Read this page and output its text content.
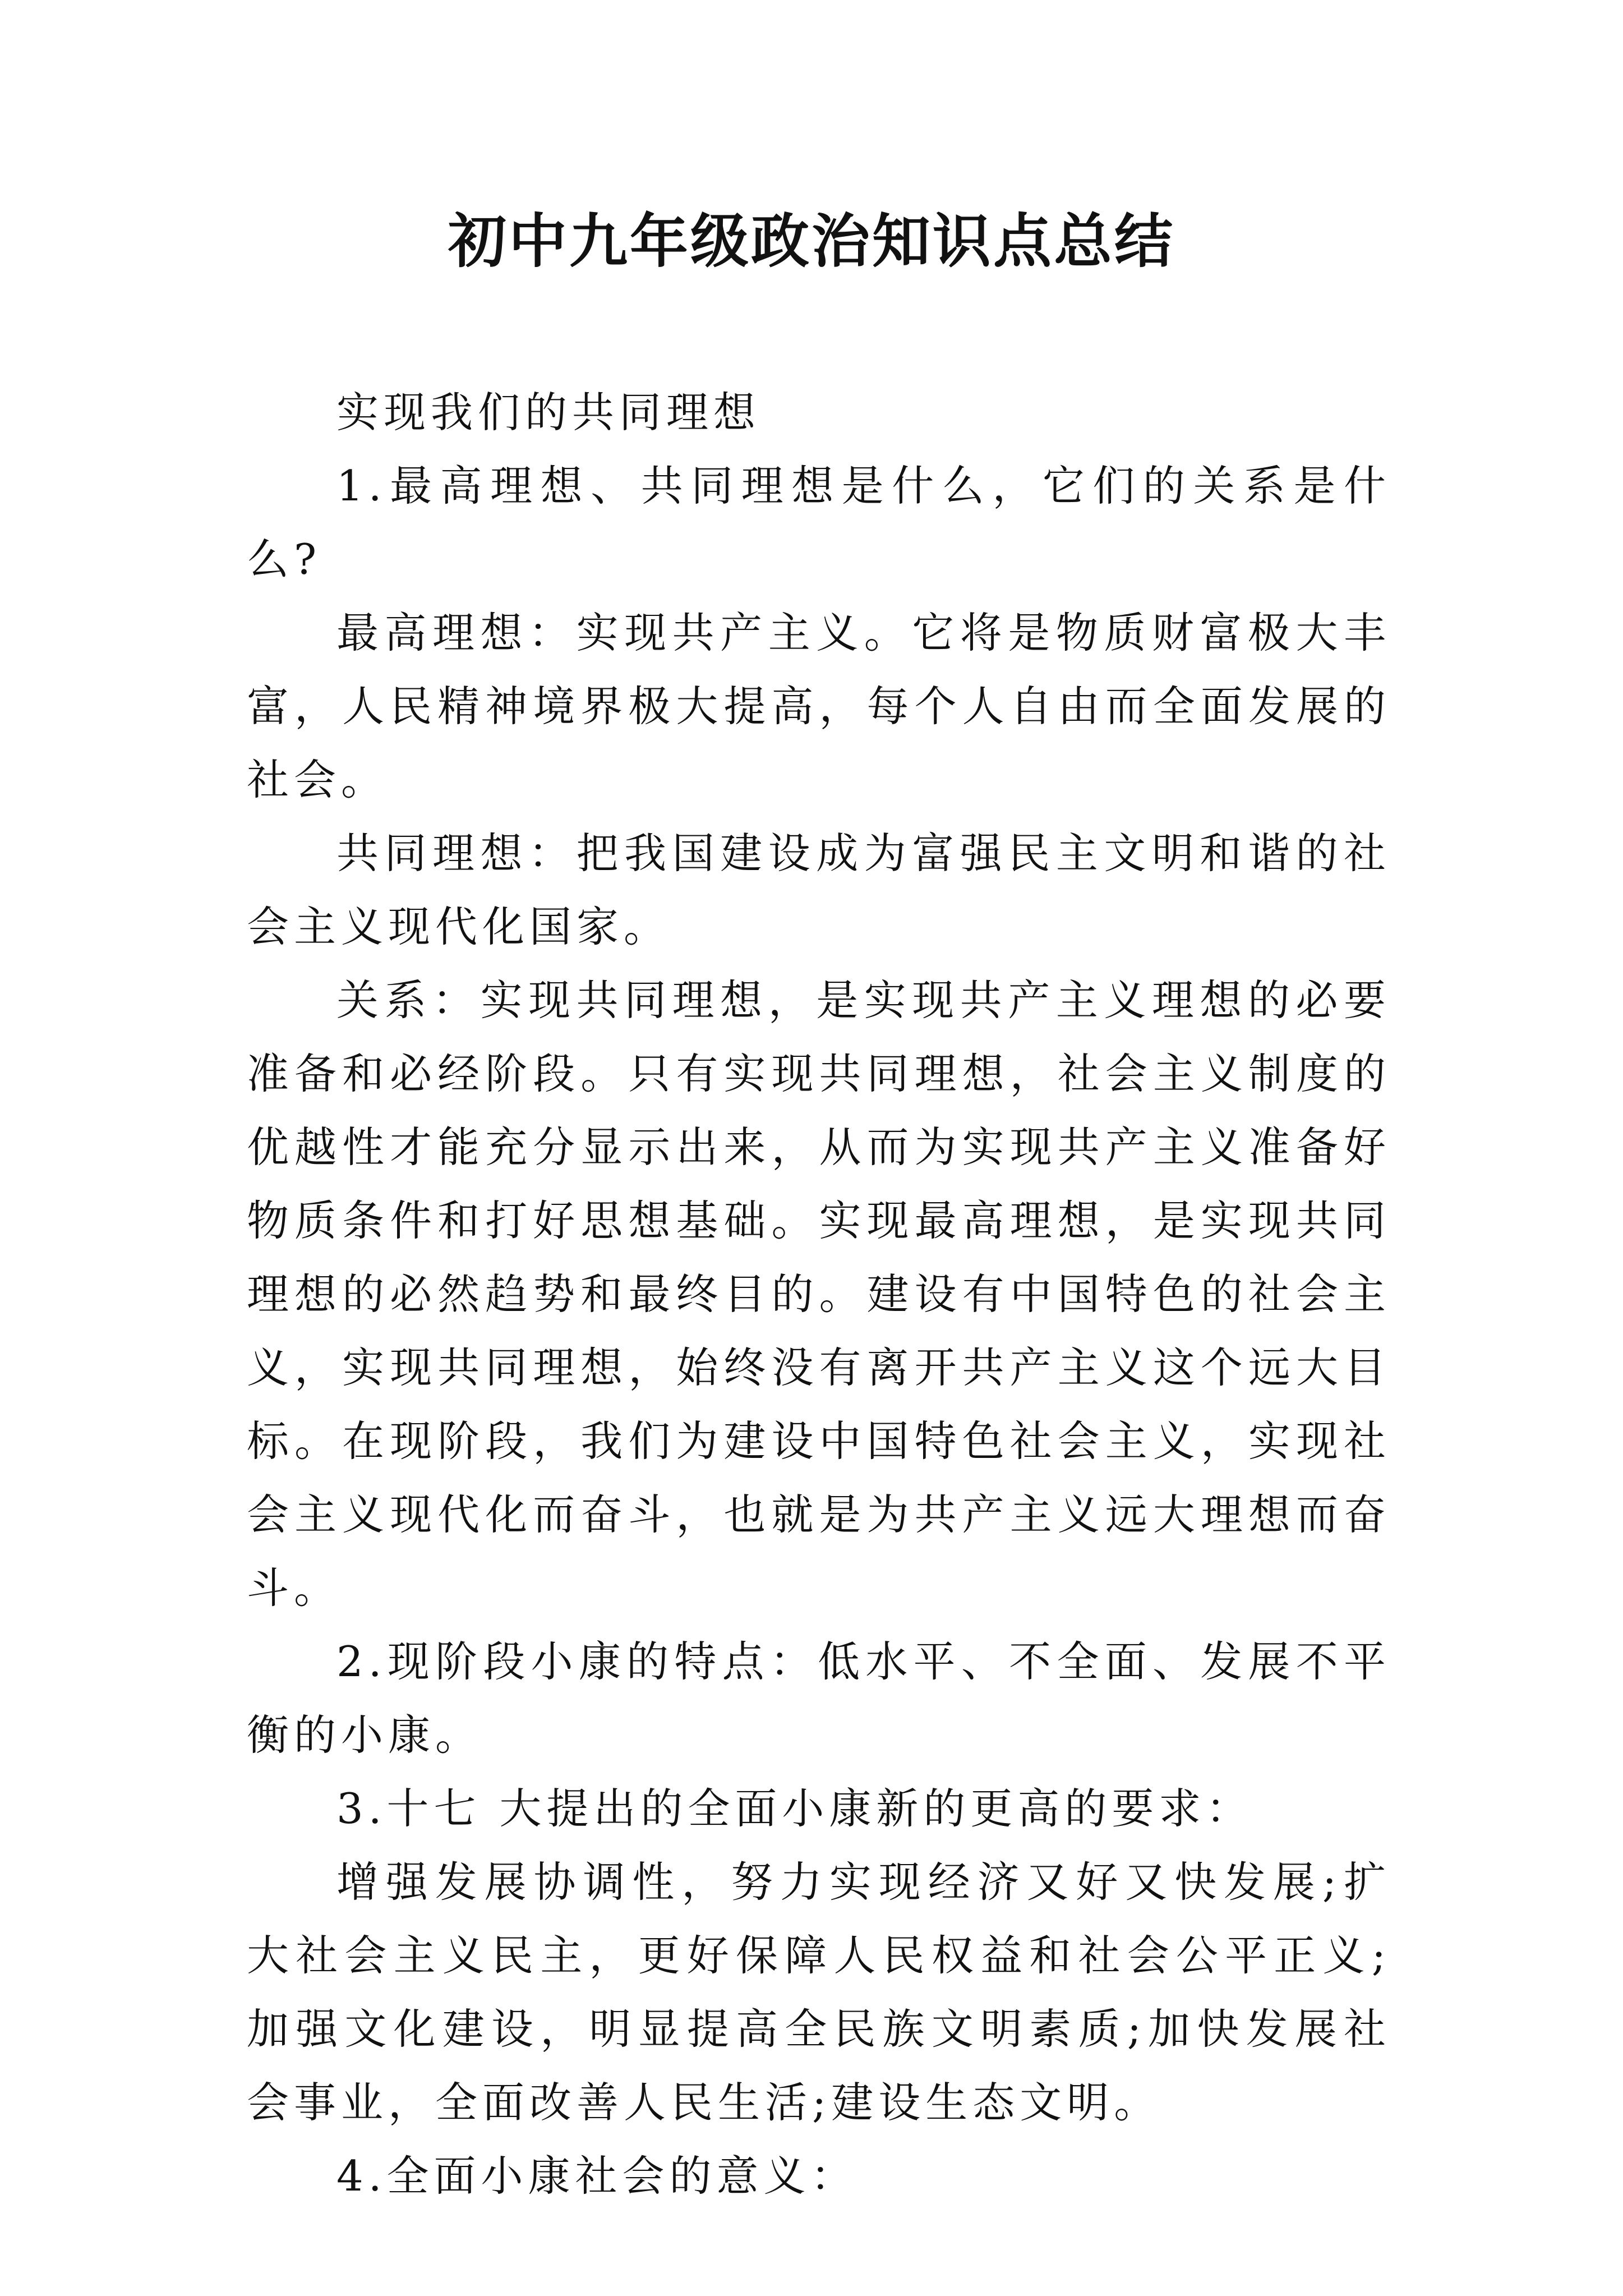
初中九年级政治知识点总结

实现我们的共同理想

1.最高理想、共同理想是什么，它们的关系是什么?

最高理想：实现共产主义。它将是物质财富极大丰富，人民精神境界极大提高，每个人自由而全面发展的社会。

共同理想：把我国建设成为富强民主文明和谐的社会主义现代化国家。

关系：实现共同理想，是实现共产主义理想的必要准备和必经阶段。只有实现共同理想，社会主义制度的优越性才能充分显示出来，从而为实现共产主义准备好物质条件和打好思想基础。实现最高理想，是实现共同理想的必然趋势和最终目的。建设有中国特色的社会主义，实现共同理想，始终没有离开共产主义这个远大目标。在现阶段，我们为建设中国特色社会主义，实现社会主义现代化而奋斗，也就是为共产主义远大理想而奋斗。

2.现阶段小康的特点：低水平、不全面、发展不平衡的小康。

3.十七 大提出的全面小康新的更高的要求：

增强发展协调性，努力实现经济又好又快发展;扩大社会主义民主，更好保障人民权益和社会公平正义;加强文化建设，明显提高全民族文明素质;加快发展社会事业，全面改善人民生活;建设生态文明。

4.全面小康社会的意义：
